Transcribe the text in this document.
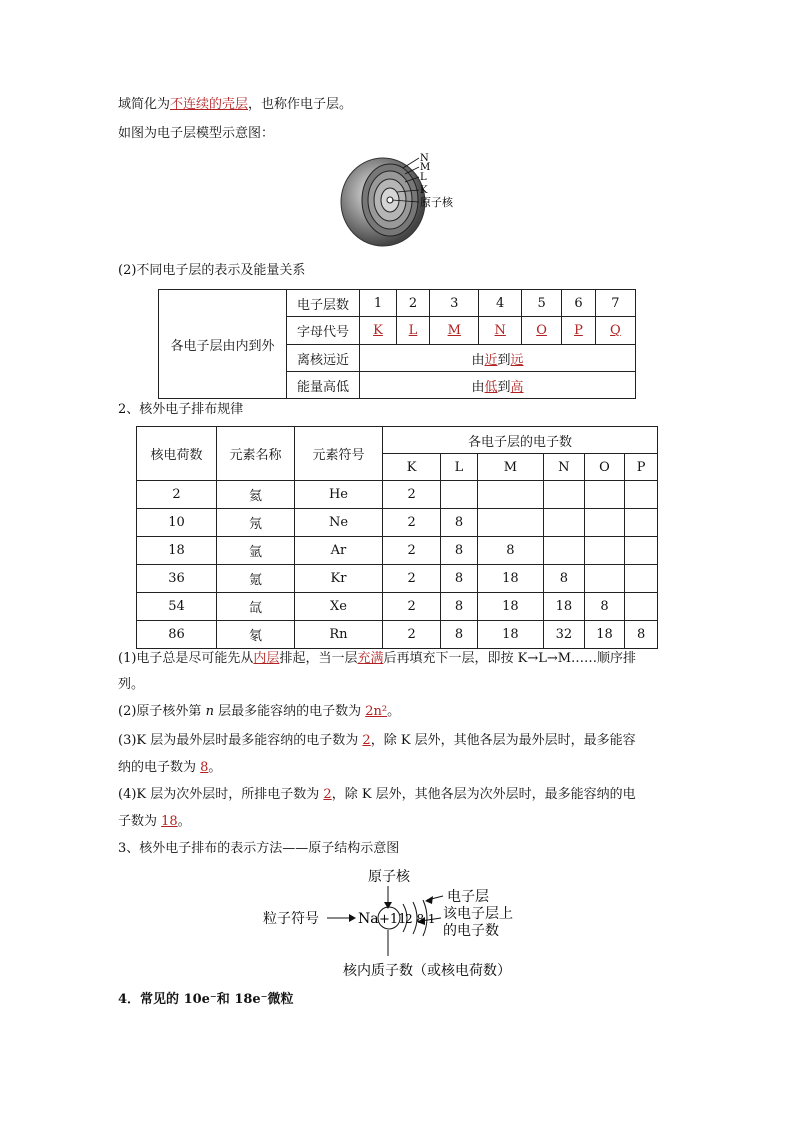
域简化为不连续的壳层，也称作电子层。
如图为电子层模型示意图：
N
M
L
K
原子核
(2)不同电子层的表示及能量关系
各电子层由内到外	电子层数	1	2	3	4	5	6	7
	字母代号	K	L	M	N	O	P	Q
	离核远近	由近到远						
	能量高低	由低到高						
2、核外电子排布规律
核电荷数	元素名称	元素符号	各电子层的电子数					
			K	L	M	N	O	P
2	氦	He	2					
10	氖	Ne	2	8				
18	氩	Ar	2	8	8			
36	氪	Kr	2	8	18	8		
54	氙	Xe	2	8	18	18	8	
86	氡	Rn	2	8	18	32	18	8
(1)电子总是尽可能先从内层排起，当一层充满后再填充下一层，即按 K→L→M……顺序排
列。
(2)原子核外第 n 层最多能容纳的电子数为 2n²。
(3)K 层为最外层时最多能容纳的电子数为 2，除 K 层外，其他各层为最外层时，最多能容
纳的电子数为 8。
(4)K 层为次外层时，所排电子数为 2，除 K 层外，其他各层为次外层时，最多能容纳的电
子数为 18。
3、核外电子排布的表示方法——原子结构示意图
原子核
电子层
该电子层上
的电子数
粒子符号	Na +11
2 8 1
核内质子数（或核电荷数）
4．常见的 10e⁻和 18e⁻微粒
